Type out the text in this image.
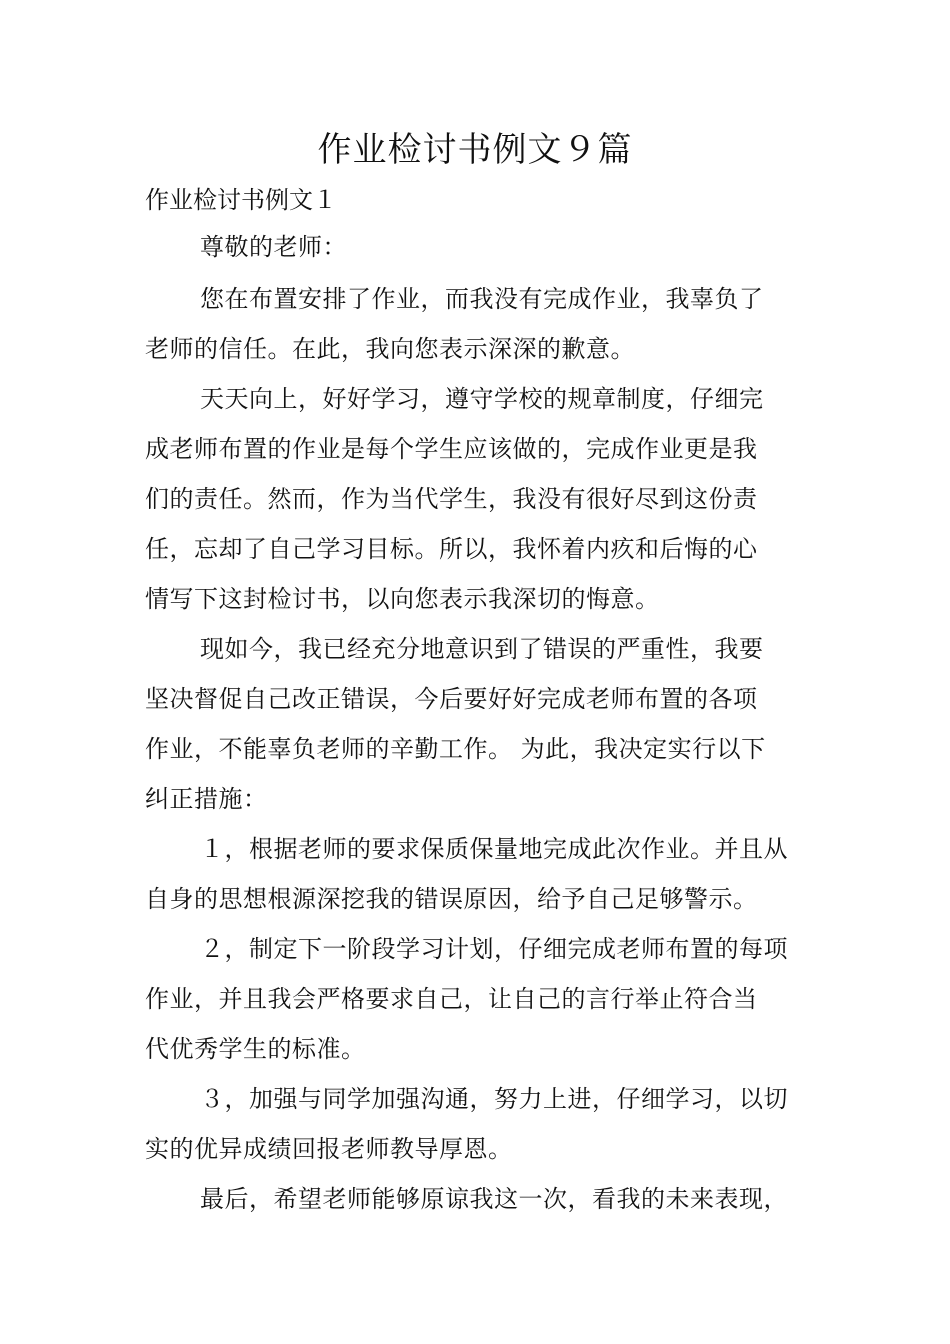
作业检讨书例文９篇
作业检讨书例文１
尊敬的老师：
您在布置安排了作业，而我没有完成作业，我辜负了
老师的信任。在此，我向您表示深深的歉意。
天天向上，好好学习，遵守学校的规章制度，仔细完
成老师布置的作业是每个学生应该做的，完成作业更是我
们的责任。然而，作为当代学生，我没有很好尽到这份责
任，忘却了自己学习目标。所以，我怀着内疚和后悔的心
情写下这封检讨书，以向您表示我深切的悔意。
现如今，我已经充分地意识到了错误的严重性，我要
坚决督促自己改正错误，今后要好好完成老师布置的各项
作业，不能辜负老师的辛勤工作。 为此，我决定实行以下
纠正措施：
１，根据老师的要求保质保量地完成此次作业。并且从
自身的思想根源深挖我的错误原因，给予自己足够警示。
２，制定下一阶段学习计划，仔细完成老师布置的每项
作业，并且我会严格要求自己，让自己的言行举止符合当
代优秀学生的标准。
３，加强与同学加强沟通，努力上进，仔细学习，以切
实的优异成绩回报老师教导厚恩。
最后，希望老师能够原谅我这一次，看我的未来表现，
